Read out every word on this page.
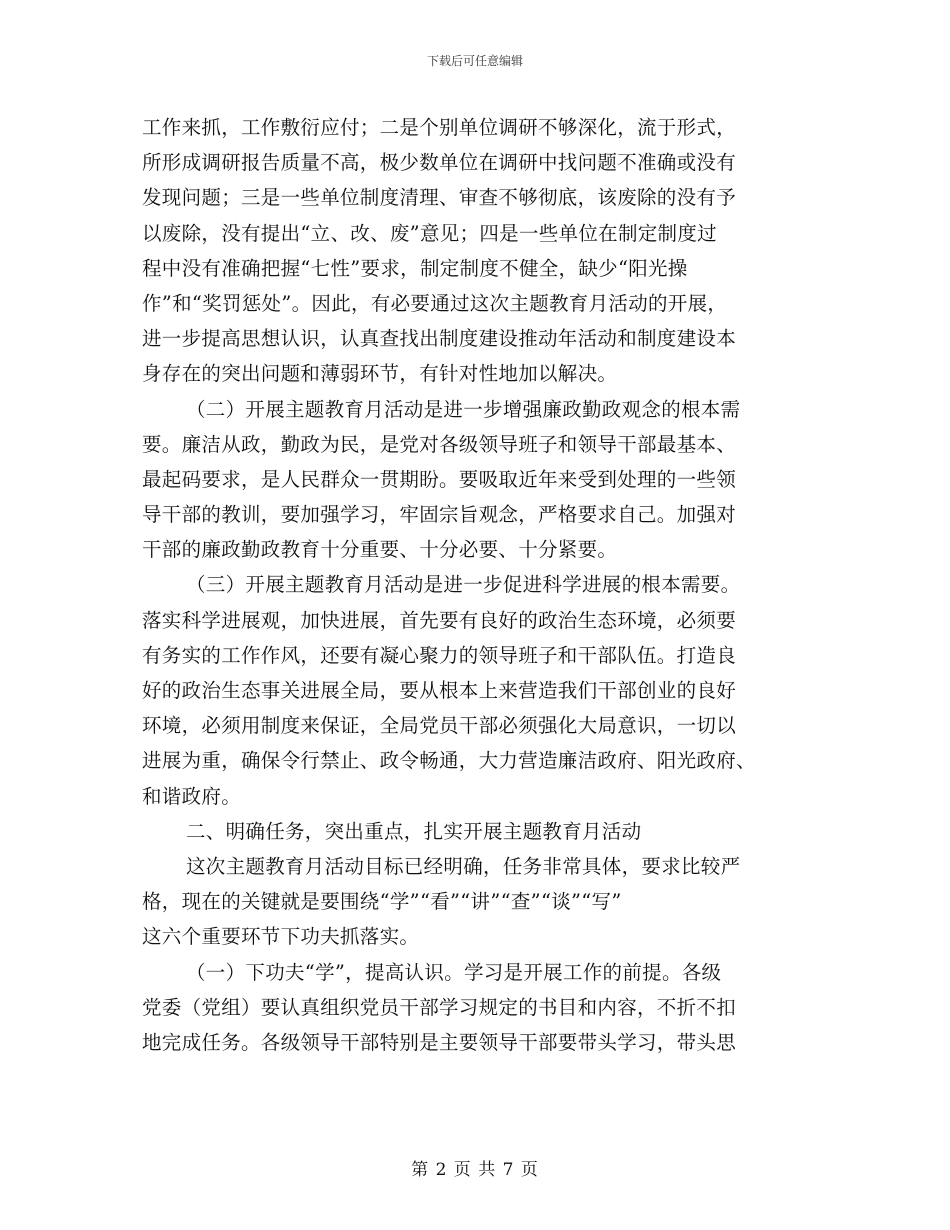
下载后可任意编辑
工作来抓，工作敷衍应付；二是个别单位调研不够深化，流于形式，
所形成调研报告质量不高，极少数单位在调研中找问题不准确或没有
发现问题；三是一些单位制度清理、审查不够彻底，该废除的没有予
以废除，没有提出“立、改、废”意见；四是一些单位在制定制度过
程中没有准确把握“七性”要求，制定制度不健全，缺少“阳光操
作”和“奖罚惩处”。因此，有必要通过这次主题教育月活动的开展，
进一步提高思想认识，认真查找出制度建设推动年活动和制度建设本
身存在的突出问题和薄弱环节，有针对性地加以解决。
（二）开展主题教育月活动是进一步增强廉政勤政观念的根本需
要。廉洁从政，勤政为民，是党对各级领导班子和领导干部最基本、
最起码要求，是人民群众一贯期盼。要吸取近年来受到处理的一些领
导干部的教训，要加强学习，牢固宗旨观念，严格要求自己。加强对
干部的廉政勤政教育十分重要、十分必要、十分紧要。
（三）开展主题教育月活动是进一步促进科学进展的根本需要。
落实科学进展观，加快进展，首先要有良好的政治生态环境，必须要
有务实的工作作风，还要有凝心聚力的领导班子和干部队伍。打造良
好的政治生态事关进展全局，要从根本上来营造我们干部创业的良好
环境，必须用制度来保证，全局党员干部必须强化大局意识，一切以
进展为重，确保令行禁止、政令畅通，大力营造廉洁政府、阳光政府、
和谐政府。
二、明确任务，突出重点，扎实开展主题教育月活动
这次主题教育月活动目标已经明确，任务非常具体，要求比较严
格，现在的关键就是要围绕“学”“看”“讲”“查”“谈”“写”
这六个重要环节下功夫抓落实。
（一）下功夫“学”，提高认识。学习是开展工作的前提。各级
党委（党组）要认真组织党员干部学习规定的书目和内容，不折不扣
地完成任务。各级领导干部特别是主要领导干部要带头学习，带头思
第 2 页 共 7 页
